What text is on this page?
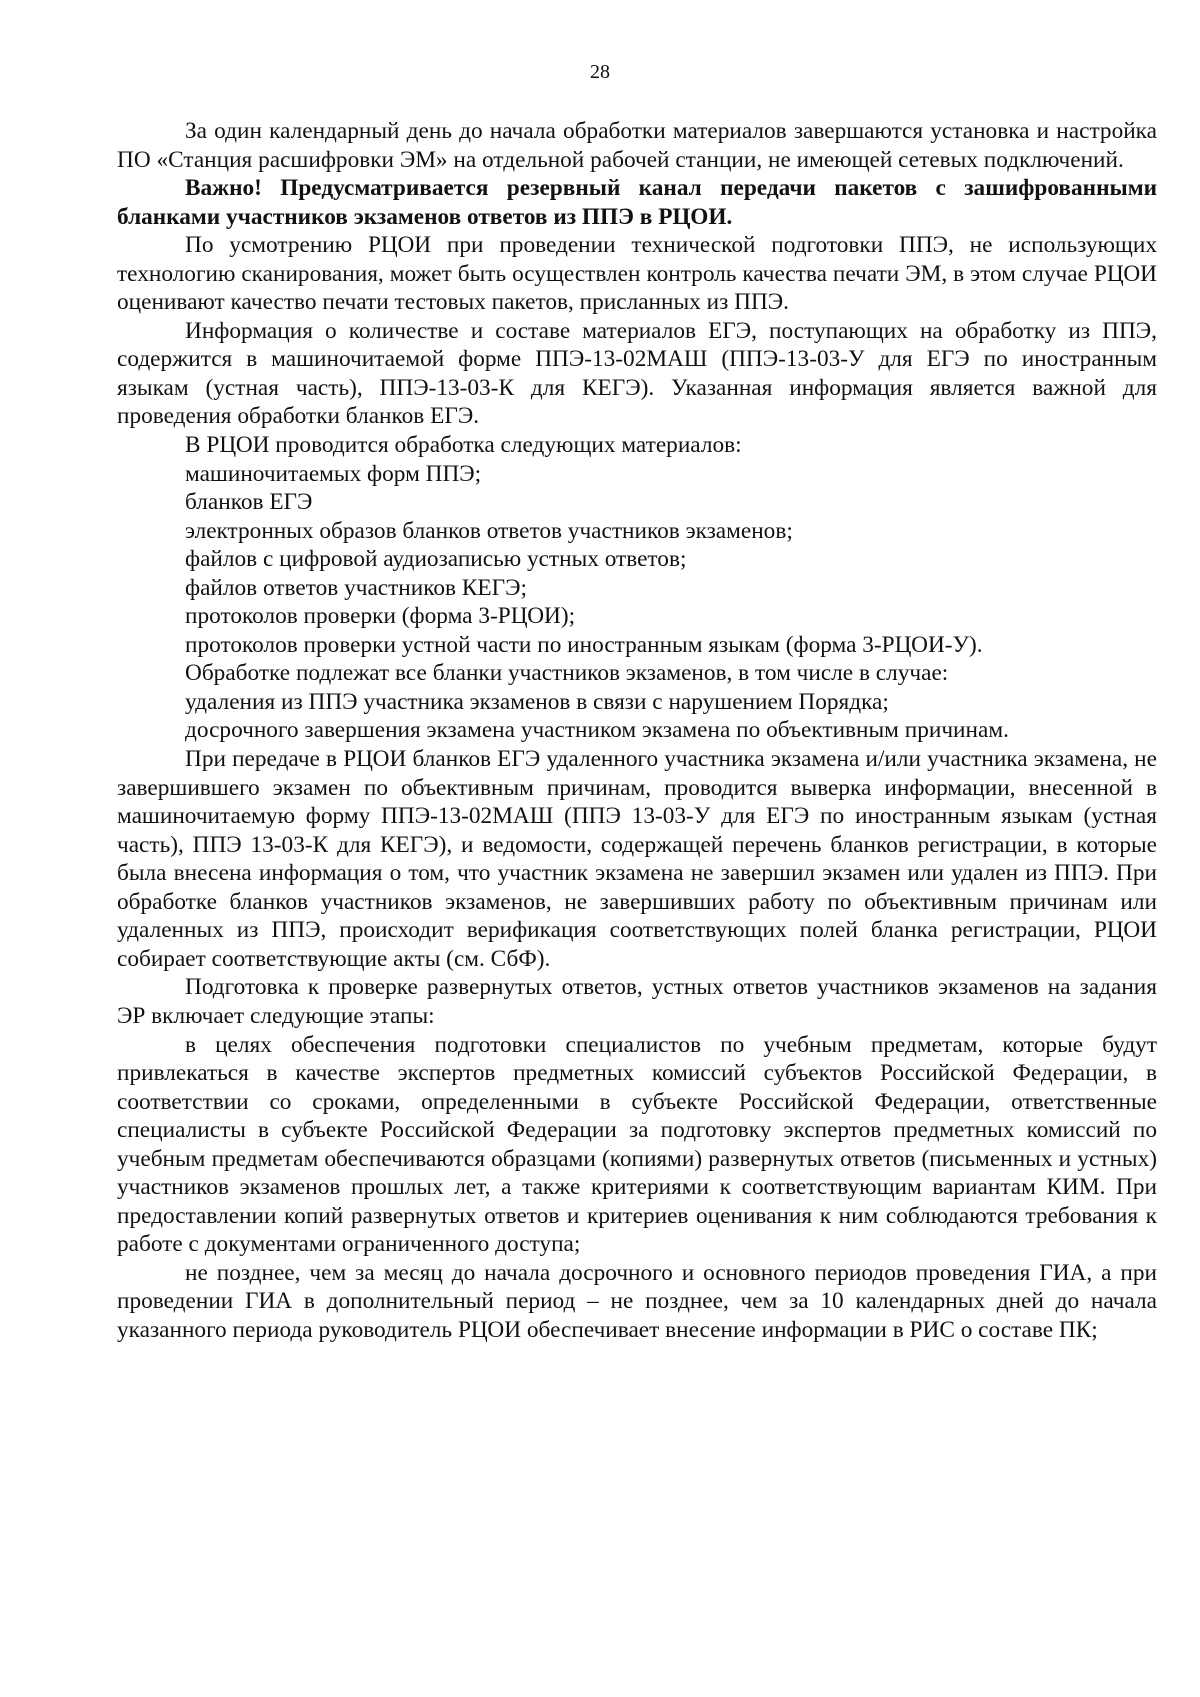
28

За один календарный день до начала обработки материалов завершаются установка и настройка ПО «Станция расшифровки ЭМ» на отдельной рабочей станции, не имеющей сетевых подключений.

Важно! Предусматривается резервный канал передачи пакетов с зашифрованными бланками участников экзаменов ответов из ППЭ в РЦОИ.

По усмотрению РЦОИ при проведении технической подготовки ППЭ, не использующих технологию сканирования, может быть осуществлен контроль качества печати ЭМ, в этом случае РЦОИ оценивают качество печати тестовых пакетов, присланных из ППЭ.

Информация о количестве и составе материалов ЕГЭ, поступающих на обработку из ППЭ, содержится в машиночитаемой форме ППЭ-13-02МАШ (ППЭ-13-03-У для ЕГЭ по иностранным языкам (устная часть), ППЭ-13-03-К для КЕГЭ). Указанная информация является важной для проведения обработки бланков ЕГЭ.

В РЦОИ проводится обработка следующих материалов:

машиночитаемых форм ППЭ;

бланков ЕГЭ

электронных образов бланков ответов участников экзаменов;

файлов с цифровой аудиозаписью устных ответов;

файлов ответов участников КЕГЭ;

протоколов проверки (форма 3-РЦОИ);

протоколов проверки устной части по иностранным языкам (форма 3-РЦОИ-У).

Обработке подлежат все бланки участников экзаменов, в том числе в случае:

удаления из ППЭ участника экзаменов в связи с нарушением Порядка;

досрочного завершения экзамена участником экзамена по объективным причинам.

При передаче в РЦОИ бланков ЕГЭ удаленного участника экзамена и/или участника экзамена, не завершившего экзамен по объективным причинам, проводится выверка информации, внесенной в машиночитаемую форму ППЭ-13-02МАШ (ППЭ 13-03-У для ЕГЭ по иностранным языкам (устная часть), ППЭ 13-03-К для КЕГЭ), и ведомости, содержащей перечень бланков регистрации, в которые была внесена информация о том, что участник экзамена не завершил экзамен или удален из ППЭ. При обработке бланков участников экзаменов, не завершивших работу по объективным причинам или удаленных из ППЭ, происходит верификация соответствующих полей бланка регистрации, РЦОИ собирает соответствующие акты (см. СбФ).

Подготовка к проверке развернутых ответов, устных ответов участников экзаменов на задания ЭР включает следующие этапы:

в целях обеспечения подготовки специалистов по учебным предметам, которые будут привлекаться в качестве экспертов предметных комиссий субъектов Российской Федерации, в соответствии со сроками, определенными в субъекте Российской Федерации, ответственные специалисты в субъекте Российской Федерации за подготовку экспертов предметных комиссий по учебным предметам обеспечиваются образцами (копиями) развернутых ответов (письменных и устных) участников экзаменов прошлых лет, а также критериями к соответствующим вариантам КИМ. При предоставлении копий развернутых ответов и критериев оценивания к ним соблюдаются требования к работе с документами ограниченного доступа;

не позднее, чем за месяц до начала досрочного и основного периодов проведения ГИА, а при проведении ГИА в дополнительный период – не позднее, чем за 10 календарных дней до начала указанного периода руководитель РЦОИ обеспечивает внесение информации в РИС о составе ПК;
